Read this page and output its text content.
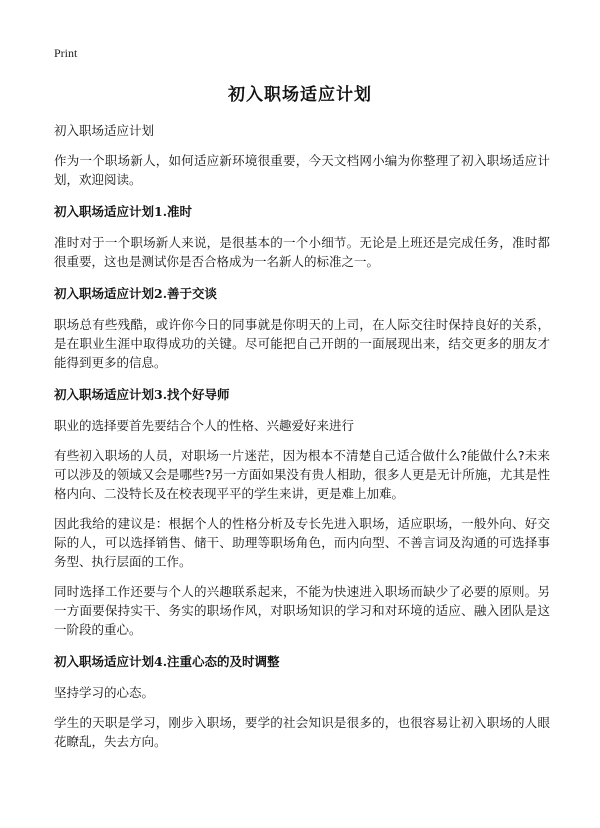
Print
初入职场适应计划

初入职场适应计划

作为一个职场新人，如何适应新环境很重要，今天文档网小编为你整理了初入职场适应计划，欢迎阅读。

初入职场适应计划1.准时

准时对于一个职场新人来说，是很基本的一个小细节。无论是上班还是完成任务，准时都很重要，这也是测试你是否合格成为一名新人的标准之一。

初入职场适应计划2.善于交谈

职场总有些残酷，或许你今日的同事就是你明天的上司，在人际交往时保持良好的关系，是在职业生涯中取得成功的关键。尽可能把自己开朗的一面展现出来，结交更多的朋友才能得到更多的信息。

初入职场适应计划3.找个好导师

职业的选择要首先要结合个人的性格、兴趣爱好来进行

有些初入职场的人员，对职场一片迷茫，因为根本不清楚自己适合做什么?能做什么?未来可以涉及的领域又会是哪些?另一方面如果没有贵人相助，很多人更是无计所施，尤其是性格内向、二没特长及在校表现平平的学生来讲，更是难上加难。

因此我给的建议是：根据个人的性格分析及专长先进入职场，适应职场，一般外向、好交际的人，可以选择销售、储干、助理等职场角色，而内向型、不善言词及沟通的可选择事务型、执行层面的工作。

同时选择工作还要与个人的兴趣联系起来，不能为快速进入职场而缺少了必要的原则。另一方面要保持实干、务实的职场作风，对职场知识的学习和对环境的适应、融入团队是这一阶段的重心。

初入职场适应计划4.注重心态的及时调整

坚持学习的心态。

学生的天职是学习，刚步入职场，要学的社会知识是很多的，也很容易让初入职场的人眼花瞭乱，失去方向。
